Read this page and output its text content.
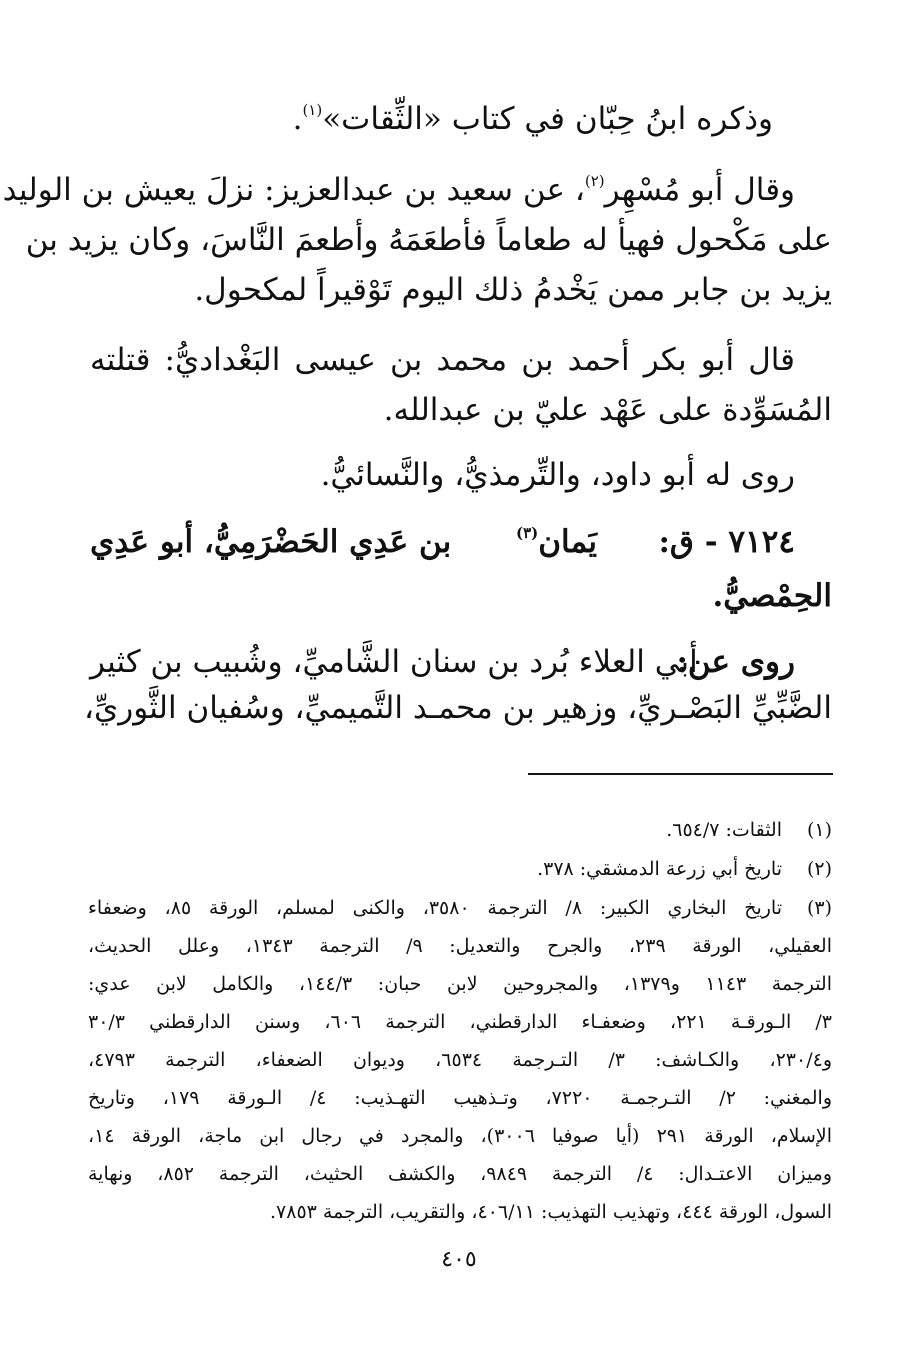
وذكره ابنُ حِبّان في كتاب «الثِّقات»$^{(١)}$.
وقال أبو مُسْهِر$^{(٢)}$، عن سعيد بن عبدالعزيز: نزلَ يعيش بن الوليد
على مَكْحول فهيأ له طعاماً فأطعَمَهُ وأطعمَ النَّاسَ، وكان يزيد بن
يزيد بن جابر ممن يَخْدمُ ذلك اليوم تَوْقيراً لمكحول.
قال أبو بكر أحمد بن محمد بن عيسى البَغْداديُّ: قتلته
المُسَوِّدة على عَهْد عليّ بن عبدالله.
روى له أبو داود، والتِّرمذيُّ، والنَّسائيُّ.
٧١٢٤ - ق:
يَمان$^{(٣)}$
بن عَدِي الحَضْرَمِيُّ، أبو عَدِي
الحِمْصيُّ.
روى عن:
أبي العلاء بُرد بن سنان الشَّاميِّ، وشُبيب بن كثير
الضَّبِّيِّ البَصْـريِّ، وزهير بن محمـد التَّميميِّ، وسُفيان الثَّوريِّ،
(١)
الثقات: ٦٥٤/٧.
(٢)
تاريخ أبي زرعة الدمشقي: ٣٧٨.
(٣)
تاريخ البخاري الكبير: ٨/ الترجمة ٣٥٨٠، والكنى لمسلم، الورقة ٨٥، وضعفاء
العقيلي، الورقة ٢٣٩، والجرح والتعديل: ٩/ الترجمة ١٣٤٣، وعلل الحديث،
الترجمة ١١٤٣ و١٣٧٩، والمجروحين لابن حبان: ١٤٤/٣، والكامل لابن عدي:
٣/ الـورقـة ٢٢١، وضعفـاء الدارقطني، الترجمة ٦٠٦، وسنن الدارقطني ٣٠/٣
و٢٣٠/٤، والكـاشف: ٣/ التـرجمة ٦٥٣٤، وديوان الضعفاء، الترجمة ٤٧٩٣،
والمغني: ٢/ التـرجمـة ٧٢٢٠، وتـذهيب التهـذيب: ٤/ الـورقة ١٧٩، وتاريخ
الإسلام، الورقة ٢٩١ (أيا صوفيا ٣٠٠٦)، والمجرد في رجال ابن ماجة، الورقة ١٤،
وميزان الاعتـدال: ٤/ الترجمة ٩٨٤٩، والكشف الحثيث، الترجمة ٨٥٢، ونهاية
السول، الورقة ٤٤٤، وتهذيب التهذيب: ٤٠٦/١١، والتقريب، الترجمة ٧٨٥٣.
٤٠٥
